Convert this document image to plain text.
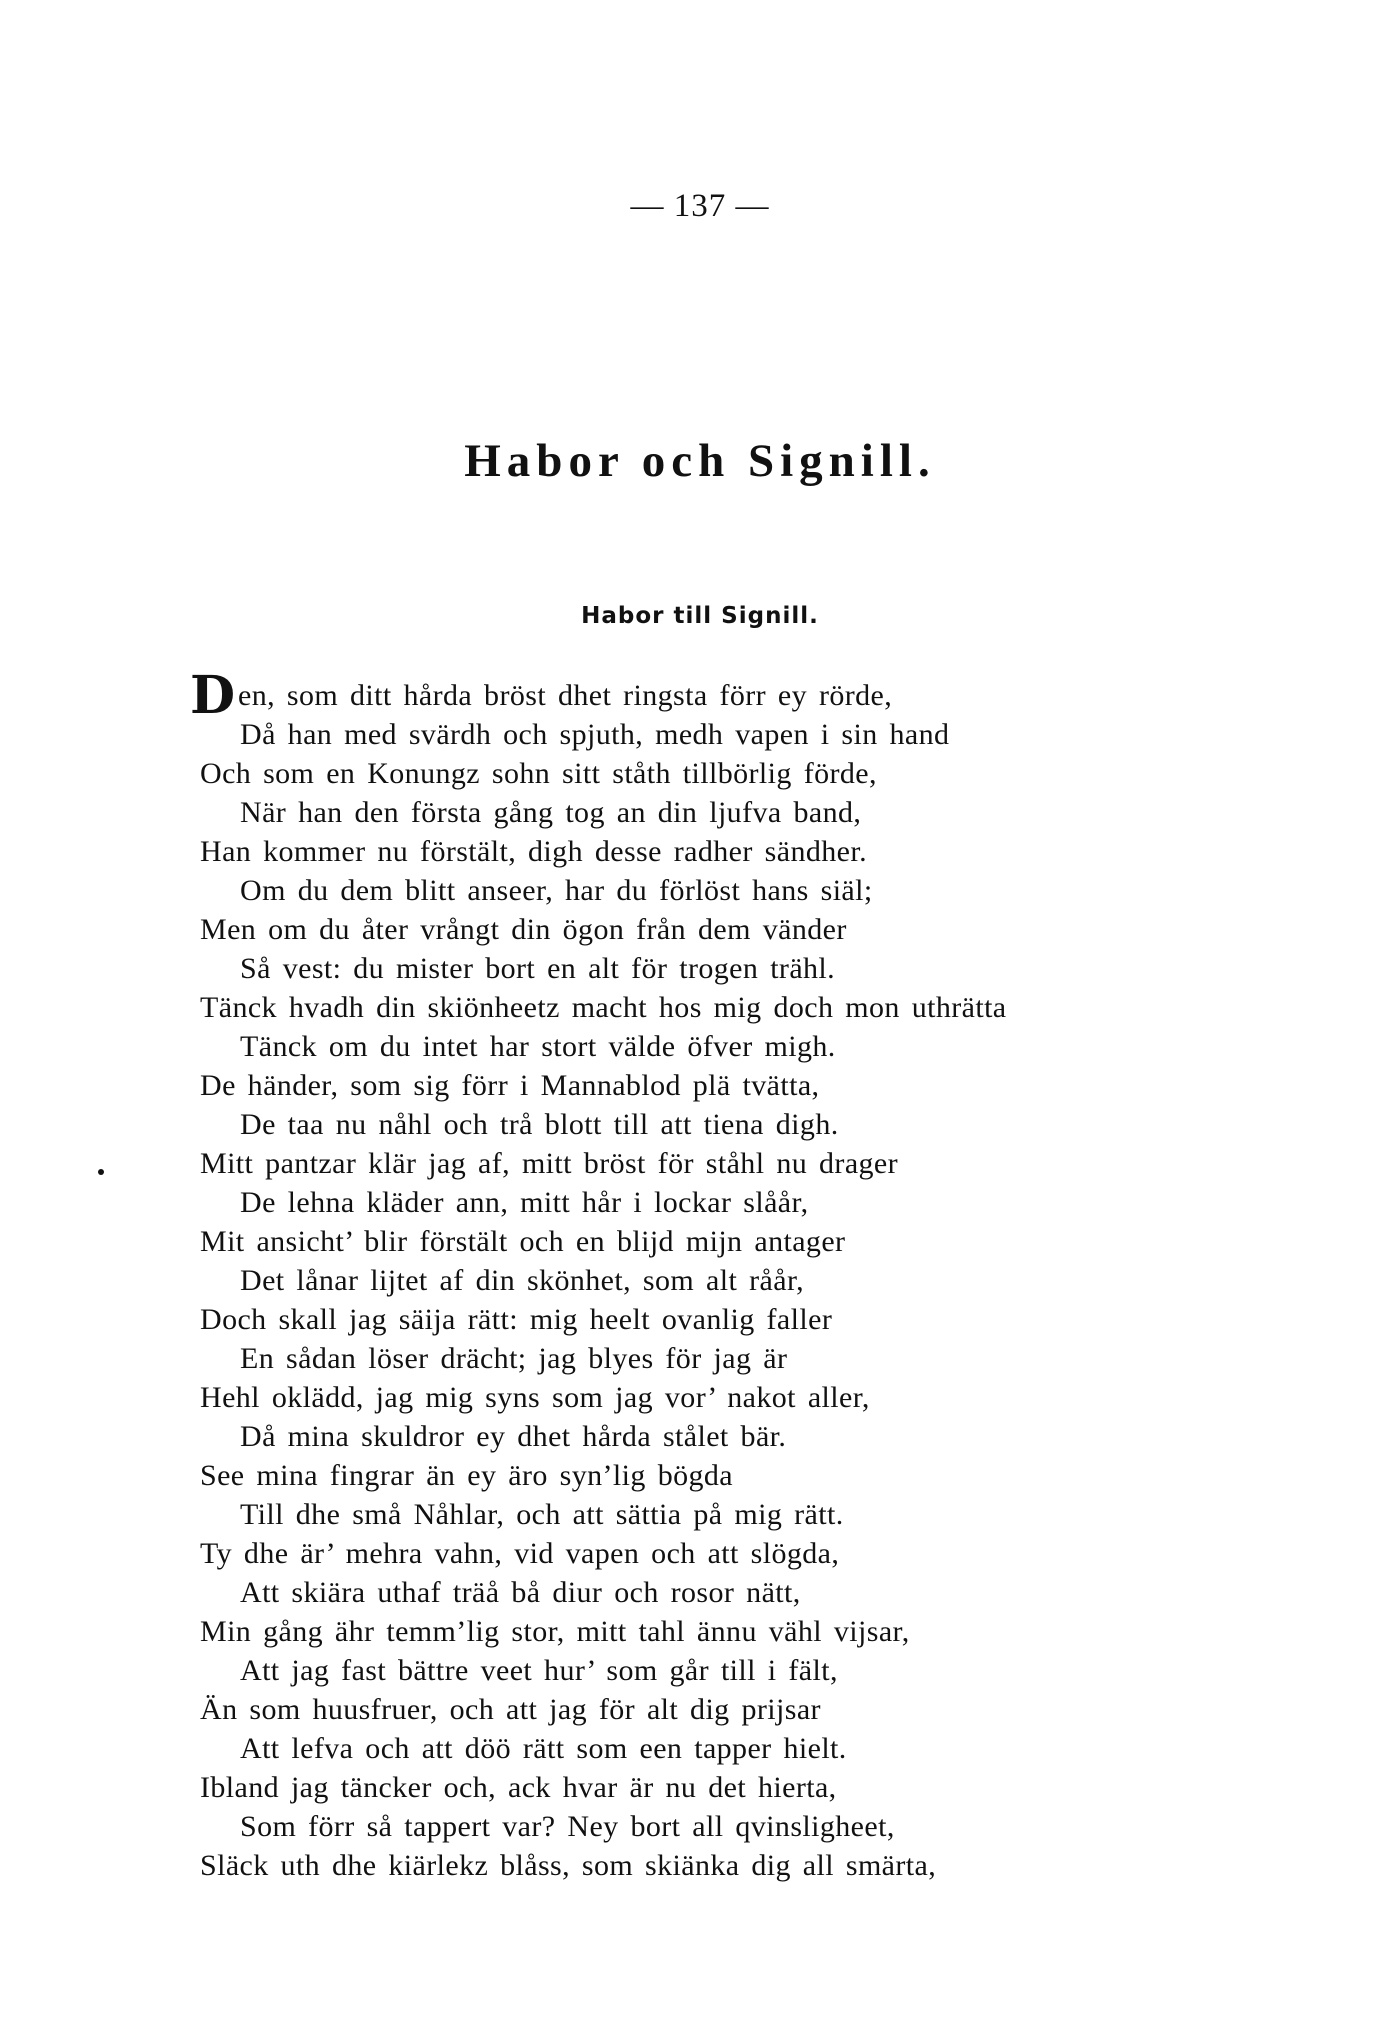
— 137 —
Habor och Signill.
Habor till Signill.
D en, som ditt hårda bröst dhet ringsta förr ey rörde,
Då han med svärdh och spjuth, medh vapen i sin hand
Och som en Konungz sohn sitt ståth tillbörlig förde,
När han den första gång tog an din ljufva band,
Han kommer nu förstält, digh desse radher sändher.
Om du dem blitt anseer, har du förlöst hans siäl;
Men om du åter vrångt din ögon från dem vänder
Så vest: du mister bort en alt för trogen trähl.
Tänck hvadh din skiönheetz macht hos mig doch mon uthrätta
Tänck om du intet har stort välde öfver migh.
De händer, som sig förr i Mannablod plä tvätta,
De taa nu nåhl och trå blott till att tiena digh.
Mitt pantzar klär jag af, mitt bröst för ståhl nu drager
De lehna kläder ann, mitt hår i lockar slåår,
Mit ansicht’ blir förstält och en blijd mijn antager
Det lånar lijtet af din skönhet, som alt råår,
Doch skall jag säija rätt: mig heelt ovanlig faller
En sådan löser drächt; jag blyes för jag är
Hehl oklädd, jag mig syns som jag vor’ nakot aller,
Då mina skuldror ey dhet hårda stålet bär.
See mina fingrar än ey äro syn’lig bögda
Till dhe små Nåhlar, och att sättia på mig rätt.
Ty dhe är’ mehra vahn, vid vapen och att slögda,
Att skiära uthaf träå bå diur och rosor nätt,
Min gång ähr temm’lig stor, mitt tahl ännu vähl vijsar,
Att jag fast bättre veet hur’ som går till i fält,
Än som huusfruer, och att jag för alt dig prijsar
Att lefva och att döö rätt som een tapper hielt.
Ibland jag täncker och, ack hvar är nu det hierta,
Som förr så tappert var? Ney bort all qvinsligheet,
Släck uth dhe kiärlekz blåss, som skiänka dig all smärta,
